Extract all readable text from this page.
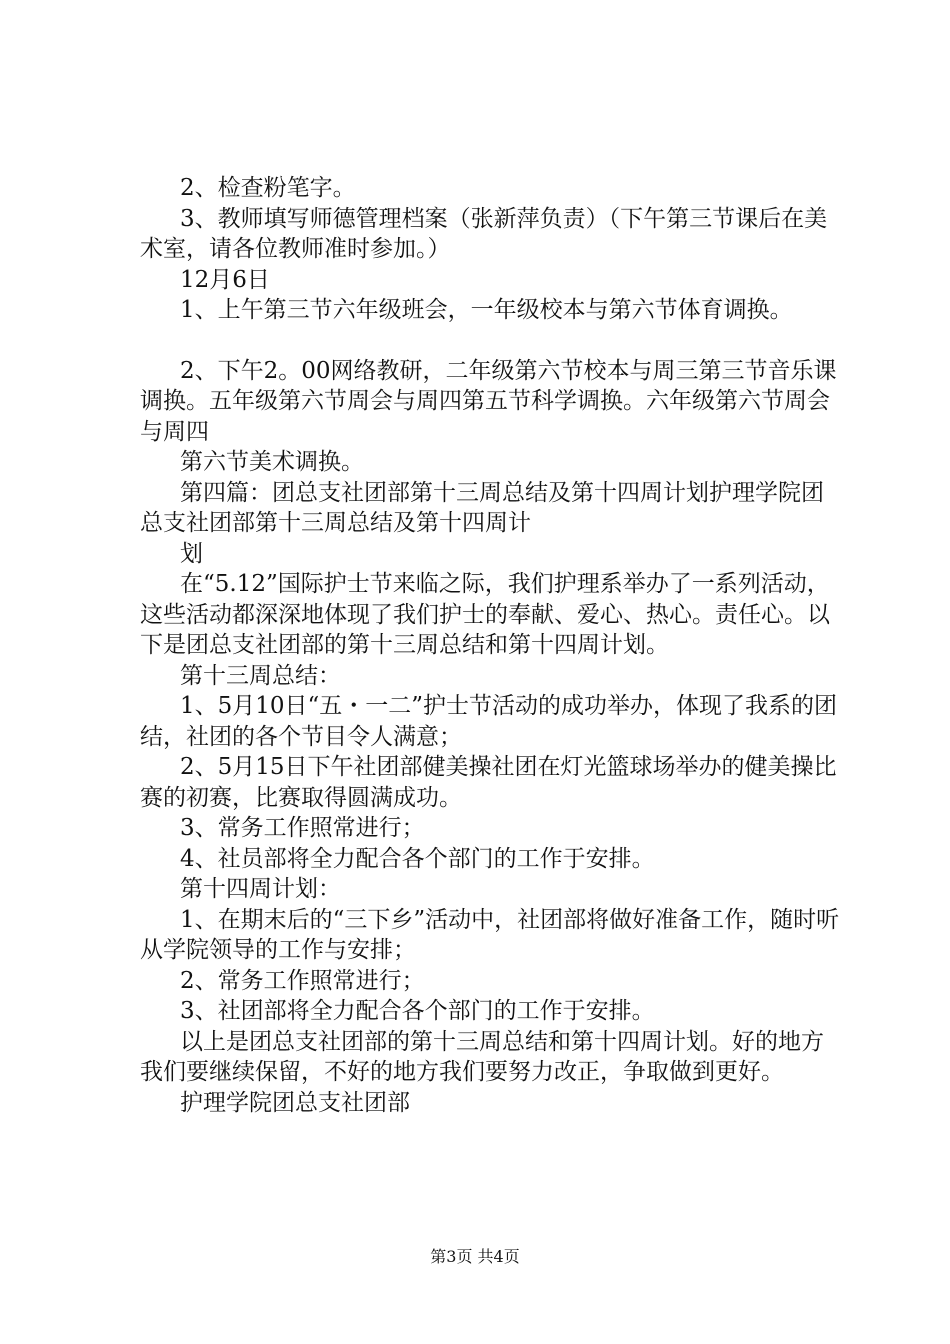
2、检查粉笔字。

3、教师填写师德管理档案（张新萍负责）（下午第三节课后在美术室，请各位教师准时参加。）

12月6日

1、上午第三节六年级班会，一年级校本与第六节体育调换。

2、下午2。00网络教研，二年级第六节校本与周三第三节音乐课调换。五年级第六节周会与周四第五节科学调换。六年级第六节周会与周四

第六节美术调换。

第四篇：团总支社团部第十三周总结及第十四周计划护理学院团总支社团部第十三周总结及第十四周计

划

在“5.12”国际护士节来临之际，我们护理系举办了一系列活动，这些活动都深深地体现了我们护士的奉献、爱心、热心。责任心。以下是团总支社团部的第十三周总结和第十四周计划。

第十三周总结：

1、5月10日“五・一二”护士节活动的成功举办，体现了我系的团结，社团的各个节目令人满意；

2、5月15日下午社团部健美操社团在灯光篮球场举办的健美操比赛的初赛，比赛取得圆满成功。

3、常务工作照常进行；

4、社员部将全力配合各个部门的工作于安排。

第十四周计划：

1、在期末后的“三下乡”活动中，社团部将做好准备工作，随时听从学院领导的工作与安排；

2、常务工作照常进行；

3、社团部将全力配合各个部门的工作于安排。

以上是团总支社团部的第十三周总结和第十四周计划。好的地方我们要继续保留，不好的地方我们要努力改正，争取做到更好。

护理学院团总支社团部

第3页 共4页
